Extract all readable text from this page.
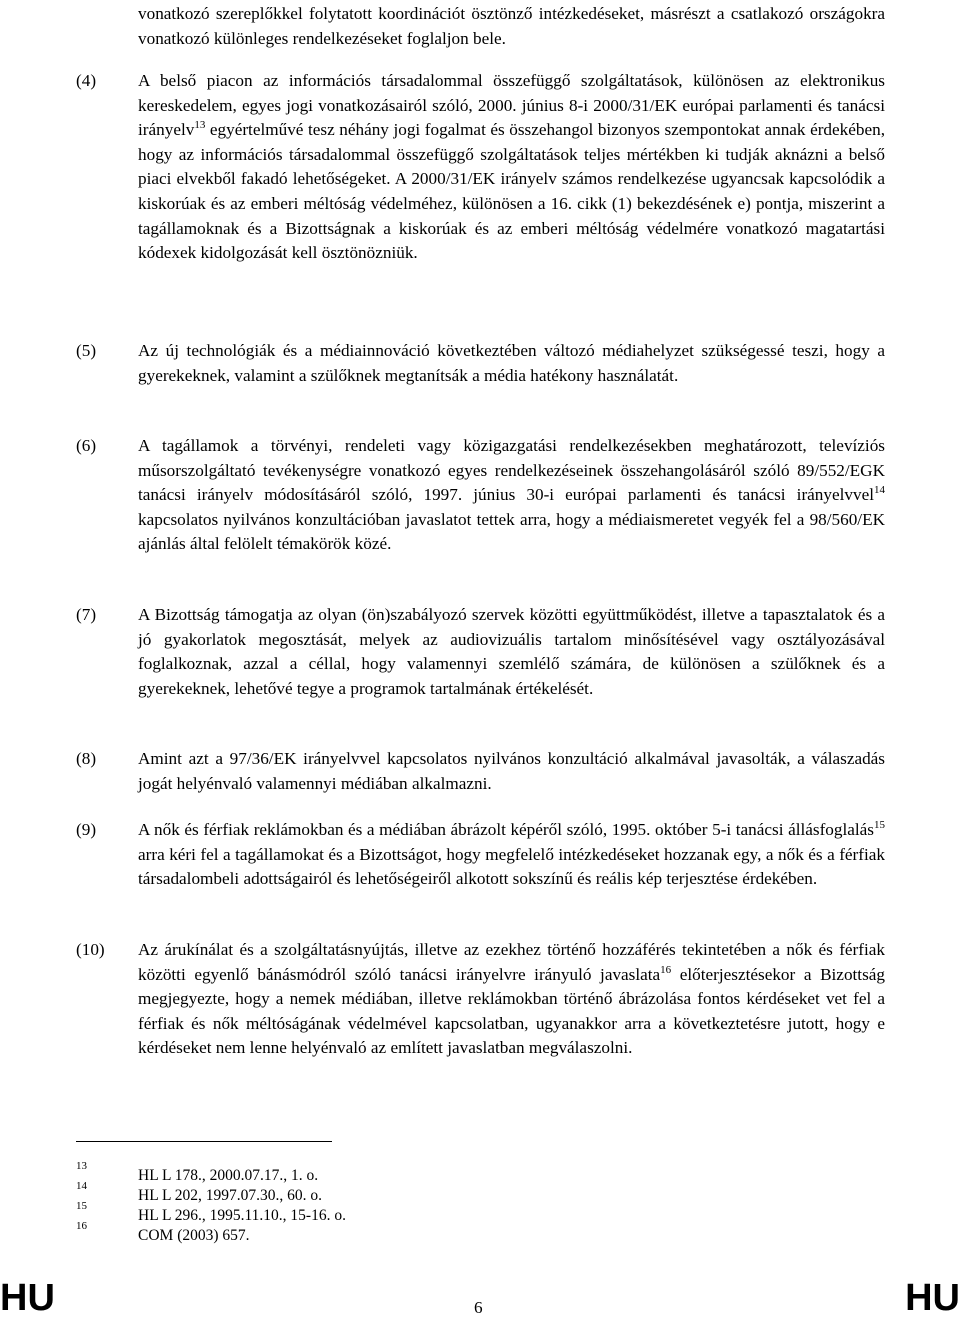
vonatkozó szereplőkkel folytatott koordinációt ösztönző intézkedéseket, másrészt a csatlakozó országokra vonatkozó különleges rendelkezéseket foglaljon bele.
(4) A belső piacon az információs társadalommal összefüggő szolgáltatások, különösen az elektronikus kereskedelem, egyes jogi vonatkozásairól szóló, 2000. június 8-i 2000/31/EK európai parlamenti és tanácsi irányelv$^{13}$ egyértelművé tesz néhány jogi fogalmat és összehangol bizonyos szempontokat annak érdekében, hogy az információs társadalommal összefüggő szolgáltatások teljes mértékben ki tudják aknázni a belső piaci elvekből fakadó lehetőségeket. A 2000/31/EK irányelv számos rendelkezése ugyancsak kapcsolódik a kiskorúak és az emberi méltóság védelméhez, különösen a 16. cikk (1) bekezdésének e) pontja, miszerint a tagállamoknak és a Bizottságnak a kiskorúak és az emberi méltóság védelmére vonatkozó magatartási kódexek kidolgozását kell ösztönözniük.
(5) Az új technológiák és a médiainnováció következtében változó médiahelyzet szükségessé teszi, hogy a gyerekeknek, valamint a szülőknek megtanítsák a média hatékony használatát.
(6) A tagállamok a törvényi, rendeleti vagy közigazgatási rendelkezésekben meghatározott, televíziós műsorszolgáltató tevékenységre vonatkozó egyes rendelkezéseinek összehangolásáról szóló 89/552/EGK tanácsi irányelv módosításáról szóló, 1997. június 30-i európai parlamenti és tanácsi irányelvvel$^{14}$ kapcsolatos nyilvános konzultációban javaslatot tettek arra, hogy a médiaismeretet vegyék fel a 98/560/EK ajánlás által felölelt témakörök közé.
(7) A Bizottság támogatja az olyan (ön)szabályozó szervek közötti együttműködést, illetve a tapasztalatok és a jó gyakorlatok megosztását, melyek az audiovizuális tartalom minősítésével vagy osztályozásával foglalkoznak, azzal a céllal, hogy valamennyi szemlélő számára, de különösen a szülőknek és a gyerekeknek, lehetővé tegye a programok tartalmának értékelését.
(8) Amint azt a 97/36/EK irányelvvel kapcsolatos nyilvános konzultáció alkalmával javasolták, a válaszadás jogát helyénvaló valamennyi médiában alkalmazni.
(9) A nők és férfiak reklámokban és a médiában ábrázolt képéről szóló, 1995. október 5-i tanácsi állásfoglalás$^{15}$ arra kéri fel a tagállamokat és a Bizottságot, hogy megfelelő intézkedéseket hozzanak egy, a nők és a férfiak társadalombeli adottságairól és lehetőségeiről alkotott sokszínű és reális kép terjesztése érdekében.
(10) Az árukínálat és a szolgáltatásnyújtás, illetve az ezekhez történő hozzáférés tekintetében a nők és férfiak közötti egyenlő bánásmódról szóló tanácsi irányelvre irányuló javaslata$^{16}$ előterjesztésekor a Bizottság megjegyezte, hogy a nemek médiában, illetve reklámokban történő ábrázolása fontos kérdéseket vet fel a férfiak és nők méltóságának védelmével kapcsolatban, ugyanakkor arra a következtetésre jutott, hogy e kérdéseket nem lenne helyénvaló az említett javaslatban megválaszolni.
13
HL L 178., 2000.07.17., 1. o.
14
HL L 202, 1997.07.30., 60. o.
15
HL L 296., 1995.11.10., 15-16. o.
16
COM (2003) 657.
HU	6	HU
